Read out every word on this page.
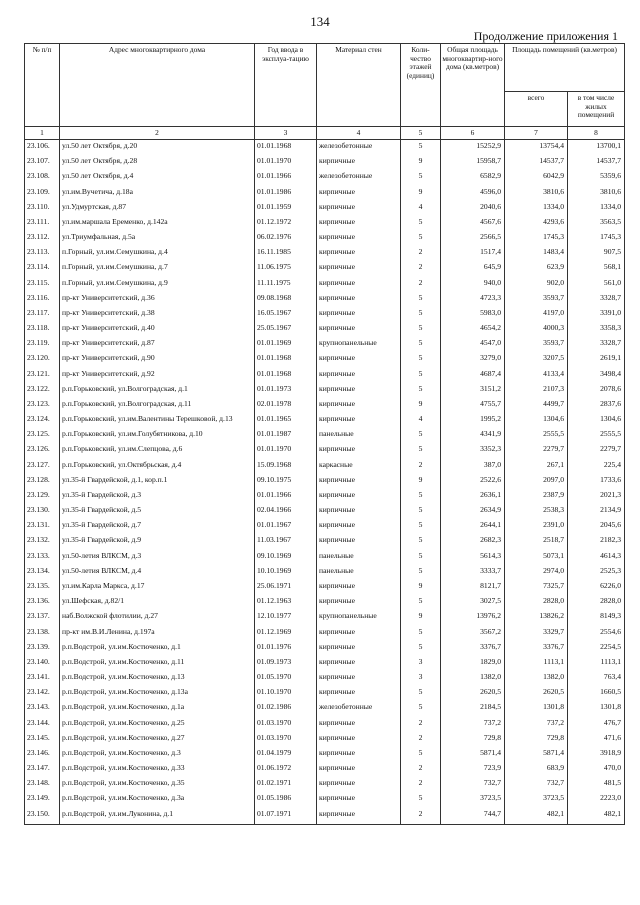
134
Продолжение приложения 1
№ п/п	Адрес многоквартирного дома	Год ввода в эксплуа-тацию	Материал стен	Коли-чество этажей (единиц)	Общая площадь многоквартир-ного дома (кв.метров)	Площадь помещений (кв.метров)	
						всего	в том числе жилых помещений
1	2	3	4	5	6	7	8
23.106.	ул.50 лет Октября, д.20	01.01.1968	железобетонные	5	15252,9	13754,4	13700,1
23.107.	ул.50 лет Октября, д.28	01.01.1970	кирпичные	9	15958,7	14537,7	14537,7
23.108.	ул.50 лет Октября, д.4	01.01.1966	железобетонные	5	6582,9	6042,9	5359,6
23.109.	ул.им.Вучетича, д.18а	01.01.1986	кирпичные	9	4596,0	3810,6	3810,6
23.110.	ул.Удмуртская, д.87	01.01.1959	кирпичные	4	2040,6	1334,0	1334,0
23.111.	ул.им.маршала Еременко, д.142а	01.12.1972	кирпичные	5	4567,6	4293,6	3563,5
23.112.	ул.Триумфальная, д.5а	06.02.1976	кирпичные	5	2566,5	1745,3	1745,3
23.113.	п.Горный, ул.им.Семушкина, д.4	16.11.1985	кирпичные	2	1517,4	1483,4	907,5
23.114.	п.Горный, ул.им.Семушкина, д.7	11.06.1975	кирпичные	2	645,9	623,9	568,1
23.115.	п.Горный, ул.им.Семушкина, д.9	11.11.1975	кирпичные	2	940,0	902,0	561,0
23.116.	пр-кт Университетский, д.36	09.08.1968	кирпичные	5	4723,3	3593,7	3328,7
23.117.	пр-кт Университетский, д.38	16.05.1967	кирпичные	5	5983,0	4197,0	3391,0
23.118.	пр-кт Университетский, д.40	25.05.1967	кирпичные	5	4654,2	4000,3	3358,3
23.119.	пр-кт Университетский, д.87	01.01.1969	крупнопанельные	5	4547,0	3593,7	3328,7
23.120.	пр-кт Университетский, д.90	01.01.1968	кирпичные	5	3279,0	3207,5	2619,1
23.121.	пр-кт Университетский, д.92	01.01.1968	кирпичные	5	4687,4	4133,4	3498,4
23.122.	р.п.Горьковский, ул.Волгоградская, д.1	01.01.1973	кирпичные	5	3151,2	2107,3	2078,6
23.123.	р.п.Горьковский, ул.Волгоградская, д.11	02.01.1978	кирпичные	9	4755,7	4499,7	2837,6
23.124.	р.п.Горьковский, ул.им.Валентины Терешковой, д.13	01.01.1965	кирпичные	4	1995,2	1304,6	1304,6
23.125.	р.п.Горьковский, ул.им.Голубятникова, д.10	01.01.1987	панельные	5	4341,9	2555,5	2555,5
23.126.	р.п.Горьковский, ул.им.Слепцова, д.6	01.01.1970	кирпичные	5	3352,3	2279,7	2279,7
23.127.	р.п.Горьковский, ул.Октябрьская, д.4	15.09.1968	каркасные	2	387,0	267,1	225,4
23.128.	ул.35-й Гвардейской, д.1, кор.п.1	09.10.1975	кирпичные	9	2522,6	2097,0	1733,6
23.129.	ул.35-й Гвардейской, д.3	01.01.1966	кирпичные	5	2636,1	2387,9	2021,3
23.130.	ул.35-й Гвардейской, д.5	02.04.1966	кирпичные	5	2634,9	2538,3	2134,9
23.131.	ул.35-й Гвардейской, д.7	01.01.1967	кирпичные	5	2644,1	2391,0	2045,6
23.132.	ул.35-й Гвардейской, д.9	11.03.1967	кирпичные	5	2682,3	2518,7	2182,3
23.133.	ул.50-летия ВЛКСМ, д.3	09.10.1969	панельные	5	5614,3	5073,1	4614,3
23.134.	ул.50-летия ВЛКСМ, д.4	10.10.1969	панельные	5	3333,7	2974,0	2525,3
23.135.	ул.им.Карла Маркса, д.17	25.06.1971	кирпичные	9	8121,7	7325,7	6226,0
23.136.	ул.Шефская, д.82/1	01.12.1963	кирпичные	5	3027,5	2828,0	2828,0
23.137.	наб.Волжской флотилии, д.27	12.10.1977	крупнопанельные	9	13976,2	13826,2	8149,3
23.138.	пр-кт им.В.И.Ленина, д.197а	01.12.1969	кирпичные	5	3567,2	3329,7	2554,6
23.139.	р.п.Водстрой, ул.им.Костюченко, д.1	01.01.1976	кирпичные	5	3376,7	3376,7	2254,5
23.140.	р.п.Водстрой, ул.им.Костюченко, д.11	01.09.1973	кирпичные	3	1829,0	1113,1	1113,1
23.141.	р.п.Водстрой, ул.им.Костюченко, д.13	01.05.1970	кирпичные	3	1382,0	1382,0	763,4
23.142.	р.п.Водстрой, ул.им.Костюченко, д.13а	01.10.1970	кирпичные	5	2620,5	2620,5	1660,5
23.143.	р.п.Водстрой, ул.им.Костюченко, д.1а	01.02.1986	железобетонные	5	2184,5	1301,8	1301,8
23.144.	р.п.Водстрой, ул.им.Костюченко, д.25	01.03.1970	кирпичные	2	737,2	737,2	476,7
23.145.	р.п.Водстрой, ул.им.Костюченко, д.27	01.03.1970	кирпичные	2	729,8	729,8	471,6
23.146.	р.п.Водстрой, ул.им.Костюченко, д.3	01.04.1979	кирпичные	5	5871,4	5871,4	3918,9
23.147.	р.п.Водстрой, ул.им.Костюченко, д.33	01.06.1972	кирпичные	2	723,9	683,9	470,0
23.148.	р.п.Водстрой, ул.им.Костюченко, д.35	01.02.1971	кирпичные	2	732,7	732,7	481,5
23.149.	р.п.Водстрой, ул.им.Костюченко, д.3а	01.05.1986	кирпичные	5	3723,5	3723,5	2223,0
23.150.	р.п.Водстрой, ул.им.Луконина, д.1	01.07.1971	кирпичные	2	744,7	482,1	482,1
